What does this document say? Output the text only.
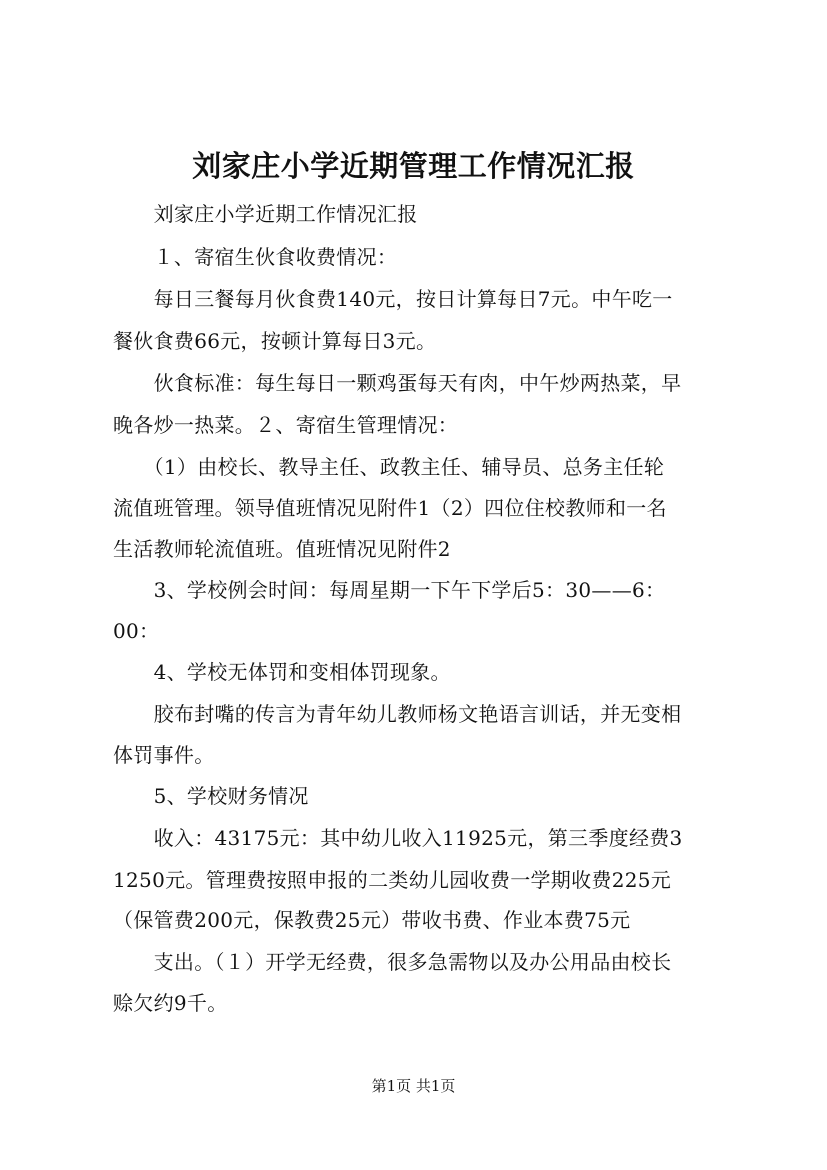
刘家庄小学近期管理工作情况汇报
　　刘家庄小学近期工作情况汇报
　　１、寄宿生伙食收费情况：
　　每日三餐每月伙食费140元，按日计算每日7元。中午吃一
餐伙食费66元，按顿计算每日3元。
　　伙食标准：每生每日一颗鸡蛋每天有肉，中午炒两热菜，早
晚各炒一热菜。２、寄宿生管理情况：
　　（1）由校长、教导主任、政教主任、辅导员、总务主任轮
流值班管理。领导值班情况见附件1（2）四位住校教师和一名
生活教师轮流值班。值班情况见附件2
　　3、学校例会时间：每周星期一下午下学后5：30——6：
00：
　　4、学校无体罚和变相体罚现象。
　　胶布封嘴的传言为青年幼儿教师杨文艳语言训话，并无变相
体罚事件。
　　5、学校财务情况
　　收入：43175元：其中幼儿收入11925元，第三季度经费3
1250元。管理费按照申报的二类幼儿园收费一学期收费225元
（保管费200元，保教费25元）带收书费、作业本费75元
　　支出。（１）开学无经费，很多急需物以及办公用品由校长
赊欠约9千。
第1页 共1页
